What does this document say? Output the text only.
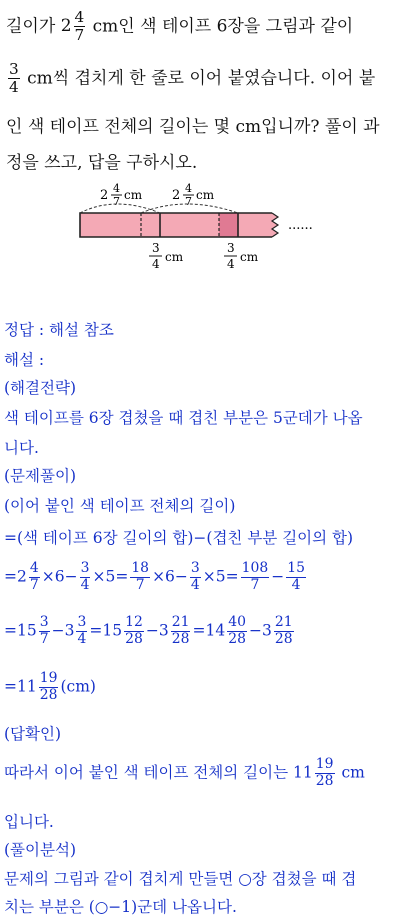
길이가 $2 \frac{4}{7}$ cm인 색 테이프 6장을 그림과 같이
$\frac{3}{4}$ cm씩 겹치게 한 줄로 이어 붙였습니다. 이어 붙
인 색 테이프 전체의 길이는 몇 cm입니까? 풀이 과
정을 쓰고, 답을 구하시오.
2 4
7 cm 2 4
7 cm
3
4 cm
3
4 cm
......
정답 : 해설 참조
해설 :
(해결전략)
색 테이프를 6장 겹쳤을 때 겹친 부분은 5군데가 나옵
니다.
(문제풀이)
(이어 붙인 색 테이프 전체의 길이)
=(색 테이프 6장 길이의 합)−(겹친 부분 길이의 합)
$=2 \frac{4}{7} \times 6- \frac{3}{4} \times 5= \frac{18}{7} \times 6- \frac{3}{4} \times 5= \frac{108}{7} - \frac{15}{4}$
$=15 \frac{3}{7} -3 \frac{3}{4} =15 \frac{12}{28} -3 \frac{21}{28} =14 \frac{40}{28} -3 \frac{21}{28}$
$=11 \frac{19}{28} (cm)$
(답확인)
따라서 이어 붙인 색 테이프 전체의 길이는 $11 \frac{19}{28}$ cm
입니다.
(풀이분석)
문제의 그림과 같이 겹치게 만들면 ○장 겹쳤을 때 겹
치는 부분은 (○−1)군데 나옵니다.
